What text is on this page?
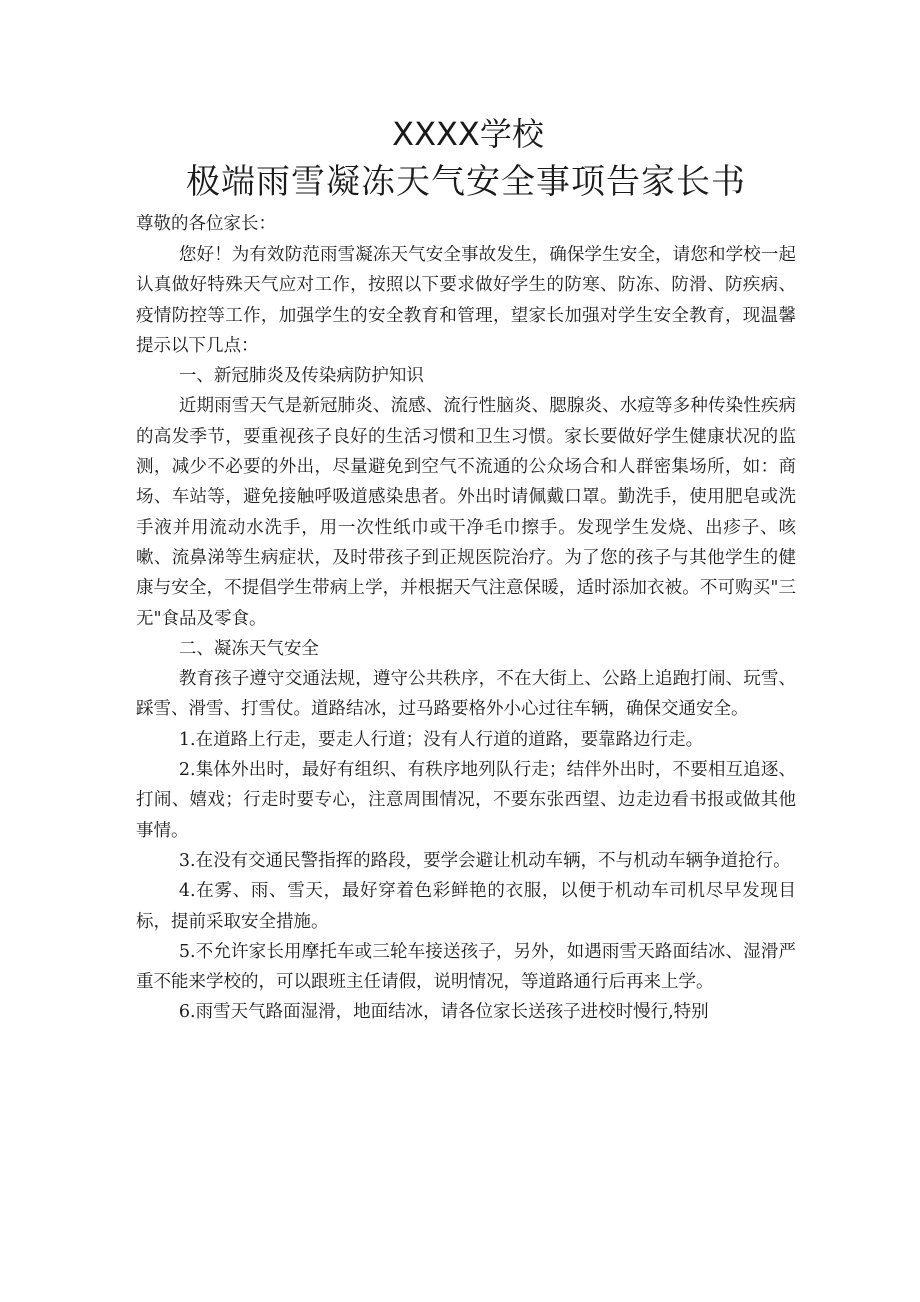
XXXX学校
极端雨雪凝冻天气安全事项告家长书

尊敬的各位家长：

您好！为有效防范雨雪凝冻天气安全事故发生，确保学生安全，请您和学校一起认真做好特殊天气应对工作，按照以下要求做好学生的防寒、防冻、防滑、防疾病、疫情防控等工作，加强学生的安全教育和管理，望家长加强对学生安全教育，现温馨提示以下几点：

一、新冠肺炎及传染病防护知识

近期雨雪天气是新冠肺炎、流感、流行性脑炎、腮腺炎、水痘等多种传染性疾病的高发季节，要重视孩子良好的生活习惯和卫生习惯。家长要做好学生健康状况的监测，减少不必要的外出，尽量避免到空气不流通的公众场合和人群密集场所，如：商场、车站等，避免接触呼吸道感染患者。外出时请佩戴口罩。勤洗手，使用肥皂或洗手液并用流动水洗手，用一次性纸巾或干净毛巾擦手。发现学生发烧、出疹子、咳嗽、流鼻涕等生病症状，及时带孩子到正规医院治疗。为了您的孩子与其他学生的健康与安全，不提倡学生带病上学，并根据天气注意保暖，适时添加衣被。不可购买"三无"食品及零食。

二、凝冻天气安全

教育孩子遵守交通法规，遵守公共秩序，不在大街上、公路上追跑打闹、玩雪、踩雪、滑雪、打雪仗。道路结冰，过马路要格外小心过往车辆，确保交通安全。

1.在道路上行走，要走人行道；没有人行道的道路，要靠路边行走。

2.集体外出时，最好有组织、有秩序地列队行走；结伴外出时，不要相互追逐、打闹、嬉戏；行走时要专心，注意周围情况，不要东张西望、边走边看书报或做其他事情。

3.在没有交通民警指挥的路段，要学会避让机动车辆，不与机动车辆争道抢行。

4.在雾、雨、雪天，最好穿着色彩鲜艳的衣服，以便于机动车司机尽早发现目标，提前采取安全措施。

5.不允许家长用摩托车或三轮车接送孩子，另外，如遇雨雪天路面结冰、湿滑严重不能来学校的，可以跟班主任请假，说明情况，等道路通行后再来上学。

6.雨雪天气路面湿滑，地面结冰，请各位家长送孩子进校时慢行,特别
